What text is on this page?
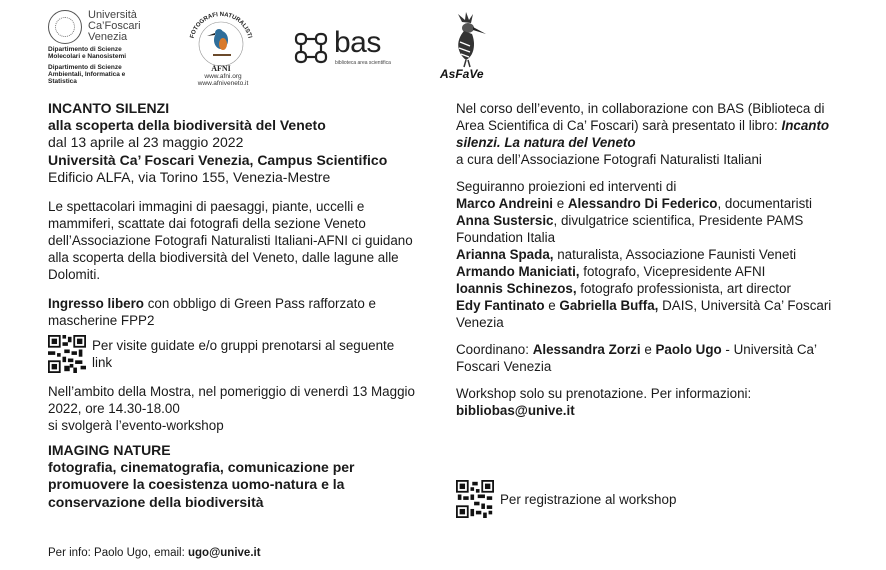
Università
Ca’Foscari
Venezia
Dipartimento di Scienze
Molecolari e Nanosistemi
Dipartimento di Scienze
Ambientali, Informatica e
Statistica
FOTOGRAFI NATURALISTI
AFNI
www.afni.org
www.afniveneto.it
bas
biblioteca area scientifica
AsFaVe

INCANTO SILENZI

alla scoperta della biodiversità del Veneto

dal 13 aprile al 23 maggio 2022

Università Ca’ Foscari Venezia, Campus Scientifico

Edificio ALFA, via Torino 155, Venezia-Mestre

Le spettacolari immagini di paesaggi, piante, uccelli e mammiferi, scattate dai fotografi della sezione Veneto dell’Associazione Fotografi Naturalisti Italiani-AFNI ci guidano alla scoperta della biodiversità del Veneto, dalle lagune alle Dolomiti.

Ingresso libero con obbligo di Green Pass rafforzato e mascherine FPP2

Per visite guidate e/o gruppi prenotarsi al seguente link

Nell’ambito della Mostra, nel pomeriggio di venerdì 13 Maggio 2022, ore 14.30-18.00

si svolgerà l’evento-workshop

IMAGING NATURE

fotografia, cinematografia, comunicazione per promuovere la coesistenza uomo-natura e la conservazione della biodiversità

Per info: Paolo Ugo, email: ugo@unive.it

Nel corso dell’evento, in collaborazione con BAS (Biblioteca di Area Scientifica di Ca’ Foscari) sarà presentato il libro: Incanto silenzi. La natura del Veneto

a cura dell’Associazione Fotografi Naturalisti Italiani

Seguiranno proiezioni ed interventi di

Marco Andreini e Alessandro Di Federico, documentaristi

Anna Sustersic, divulgatrice scientifica, Presidente PAMS Foundation Italia

Arianna Spada, naturalista, Associazione Faunisti Veneti

Armando Maniciati, fotografo, Vicepresidente AFNI

Ioannis Schinezos, fotografo professionista, art director

Edy Fantinato e Gabriella Buffa, DAIS, Università Ca’ Foscari Venezia

Coordinano: Alessandra Zorzi e Paolo Ugo - Università Ca’ Foscari Venezia

Workshop solo su prenotazione. Per informazioni:

bibliobas@unive.it

Per registrazione al workshop
